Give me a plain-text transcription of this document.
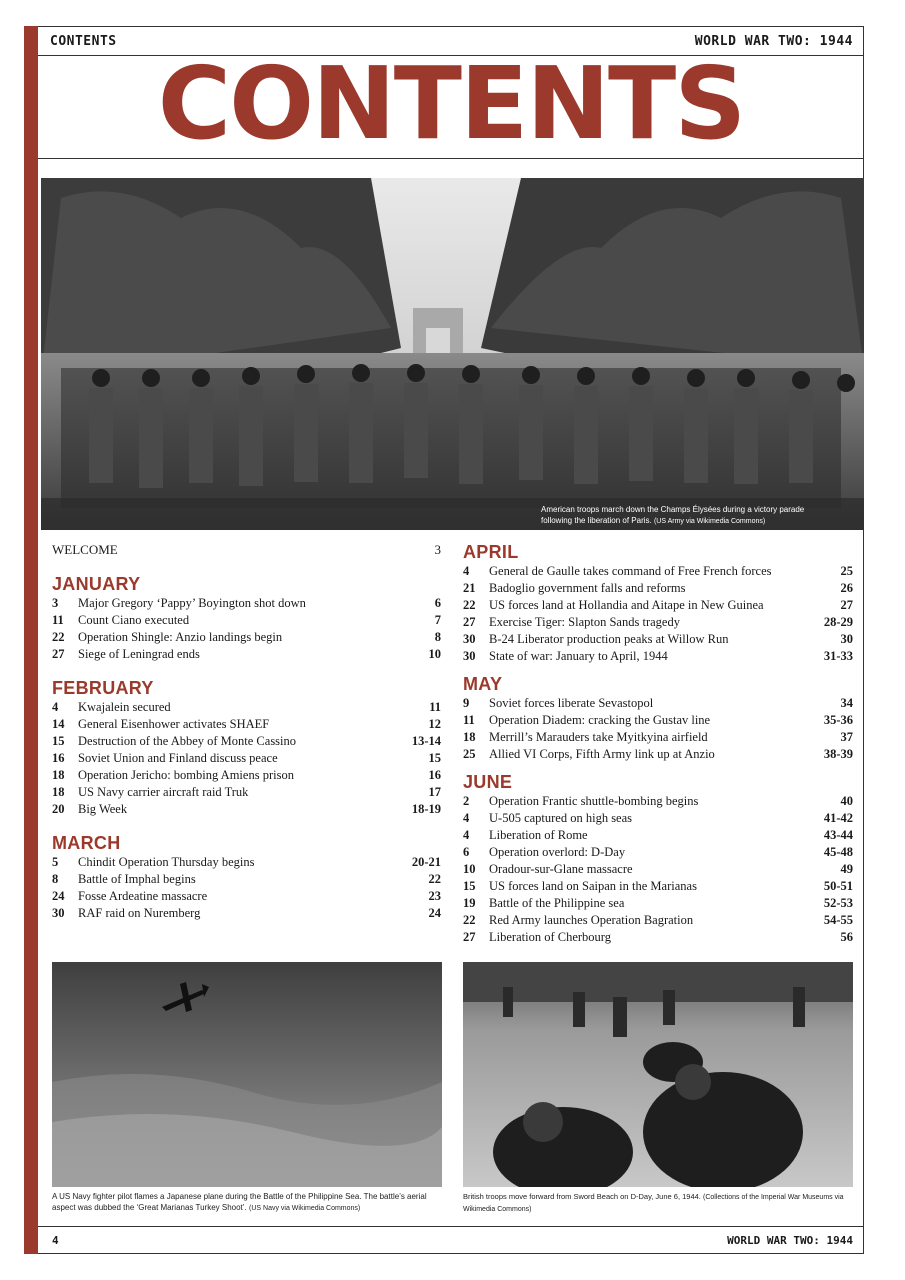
CONTENTS	WORLD WAR TWO: 1944
CONTENTS
American troops march down the Champs Élysées during a victory parade following the liberation of Paris. (US Army via Wikimedia Commons)
WELCOME	3
JANUARY
3	Major Gregory ‘Pappy’ Boyington shot down	6
11	Count Ciano executed	7
22	Operation Shingle: Anzio landings begin	8
27	Siege of Leningrad ends	10
FEBRUARY
4	Kwajalein secured	11
14	General Eisenhower activates SHAEF	12
15	Destruction of the Abbey of Monte Cassino	13-14
16	Soviet Union and Finland discuss peace	15
18	Operation Jericho: bombing Amiens prison	16
18	US Navy carrier aircraft raid Truk	17
20	Big Week	18-19
MARCH
5	Chindit Operation Thursday begins	20-21
8	Battle of Imphal begins	22
24	Fosse Ardeatine massacre	23
30	RAF raid on Nuremberg	24
APRIL
4	General de Gaulle takes command of Free French forces	25
21	Badoglio government falls and reforms	26
22	US forces land at Hollandia and Aitape in New Guinea	27
27	Exercise Tiger: Slapton Sands tragedy	28-29
30	B-24 Liberator production peaks at Willow Run	30
30	State of war: January to April, 1944	31-33
MAY
9	Soviet forces liberate Sevastopol	34
11	Operation Diadem: cracking the Gustav line	35-36
18	Merrill’s Marauders take Myitkyina airfield	37
25	Allied VI Corps, Fifth Army link up at Anzio	38-39
JUNE
2	Operation Frantic shuttle-bombing begins	40
4	U-505 captured on high seas	41-42
4	Liberation of Rome	43-44
6	Operation overlord: D-Day	45-48
10	Oradour-sur-Glane massacre	49
15	US forces land on Saipan in the Marianas	50-51
19	Battle of the Philippine sea	52-53
22	Red Army launches Operation Bagration	54-55
27	Liberation of Cherbourg	56
A US Navy fighter pilot flames a Japanese plane during the Battle of the Philippine Sea. The battle’s aerial aspect was dubbed the ‘Great Marianas Turkey Shoot’. (US Navy via Wikimedia Commons)
British troops move forward from Sword Beach on D-Day, June 6, 1944. (Collections of the Imperial War Museums via Wikimedia Commons)
4	WORLD WAR TWO: 1944
